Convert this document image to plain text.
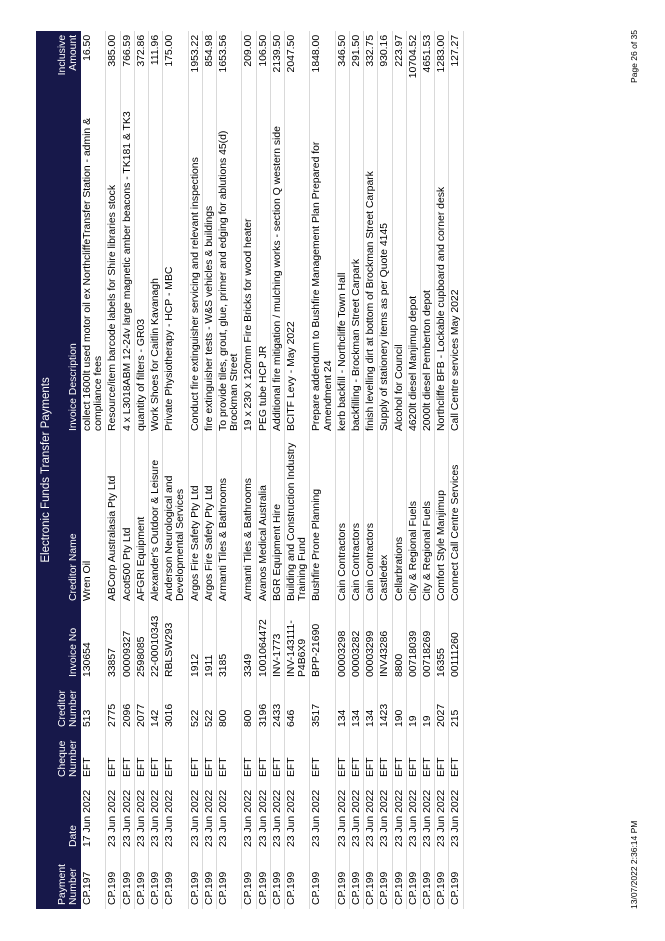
Electronic Funds Transfer Payments							
Payment Number	Date	Cheque Number	Creditor Number	Invoice No	Creditor Name	Invoice Description	Inclusive Amount
CP.197	17 Jun 2022	EFT	513	130654	Wren Oil	collect 1600lt used motor oil ex NorthcliffeTransfer Station - admin & compliance fees	16.50
CP.199	23 Jun 2022	EFT	2775	33857	ABCorp Australasia Pty Ltd	Resource/item barcode labels for Shire libraries stock	385.00
CP.199	23 Jun 2022	EFT	2096	00009327	Acot500 Pty Ltd	4 x L3018ABM 12-24v large magnetic amber beacons - TK181 & TK3	766.59
CP.199	23 Jun 2022	EFT	2077	2598085	AFGRI Equipment	quantity of filters - GR03	372.86
CP.199	23 Jun 2022	EFT	142	22-00010343	Alexander's Outdoor & Leisure	Work Shoes for Caitlin Kavanagh	111.96
CP.199	23 Jun 2022	EFT	3016	RBLSW293	Anderson Neurological and Developmental Services	Private Physiotherapy - HCP - MBC	175.00
CP.199	23 Jun 2022	EFT	522	1912	Argos Fire Safety Pty Ltd	Conduct fire extinguisher servicing and relevant inspections	1953.22
CP.199	23 Jun 2022	EFT	522	1911	Argos Fire Safety Pty Ltd	fire extinguisher tests - W&S vehicles & buildings	854.98
CP.199	23 Jun 2022	EFT	800	3185	Armanti Tiles & Bathrooms	To provide tiles, grout, glue, primer and edging for ablutions 45(d) Brockman Street	1653.56
CP.199	23 Jun 2022	EFT	800	3349	Armanti Tiles & Bathrooms	19 x 230 x 120mm Fire Bricks for wood heater	209.00
CP.199	23 Jun 2022	EFT	3196	1001064472	Avanos Medical Australia	PEG tube HCP JR	106.50
CP.199	23 Jun 2022	EFT	2433	INV-1773	BGR Equipment Hire	Additional fire mitigation / mulching works - section Q western side	2139.50
CP.199	23 Jun 2022	EFT	646	INV-143111-P4B6X9	Building and Construction Industry Training Fund	BCITF Levy - May 2022	2047.50
CP.199	23 Jun 2022	EFT	3517	BPP-21690	Bushfire Prone Planning	Prepare addendum to Bushfire Management Plan Prepared for Amendment 24	1848.00
CP.199	23 Jun 2022	EFT	134	00003298	Cain Contractors	kerb backfill - Northcliffe Town Hall	346.50
CP.199	23 Jun 2022	EFT	134	00003282	Cain Contractors	backfilling - Brockman Street Carpark	291.50
CP.199	23 Jun 2022	EFT	134	00003299	Cain Contractors	finish levelling dirt at bottom of Brockman Street Carpark	332.75
CP.199	23 Jun 2022	EFT	1423	INV43286	Castledex	Supply of stationery items as per Quote 4145	930.16
CP.199	23 Jun 2022	EFT	190	8800	Cellarbrations	Alcohol for Council	223.97
CP.199	23 Jun 2022	EFT	19	00718039	City & Regional Fuels	4620lt diesel Manjimup depot	10704.52
CP.199	23 Jun 2022	EFT	19	00718269	City & Regional Fuels	2000lt diesel Pemberton depot	4651.53
CP.199	23 Jun 2022	EFT	2027	16355	Comfort Style Manjimup	Northcliffe BFB - Lockable cupboard and corner desk	1283.00
CP.199	23 Jun 2022	EFT	215	00111260	Connect Call Centre Services	Call Centre services May 2022	127.27
13/07/2022 2:36:14 PM
Page 26 of 35
